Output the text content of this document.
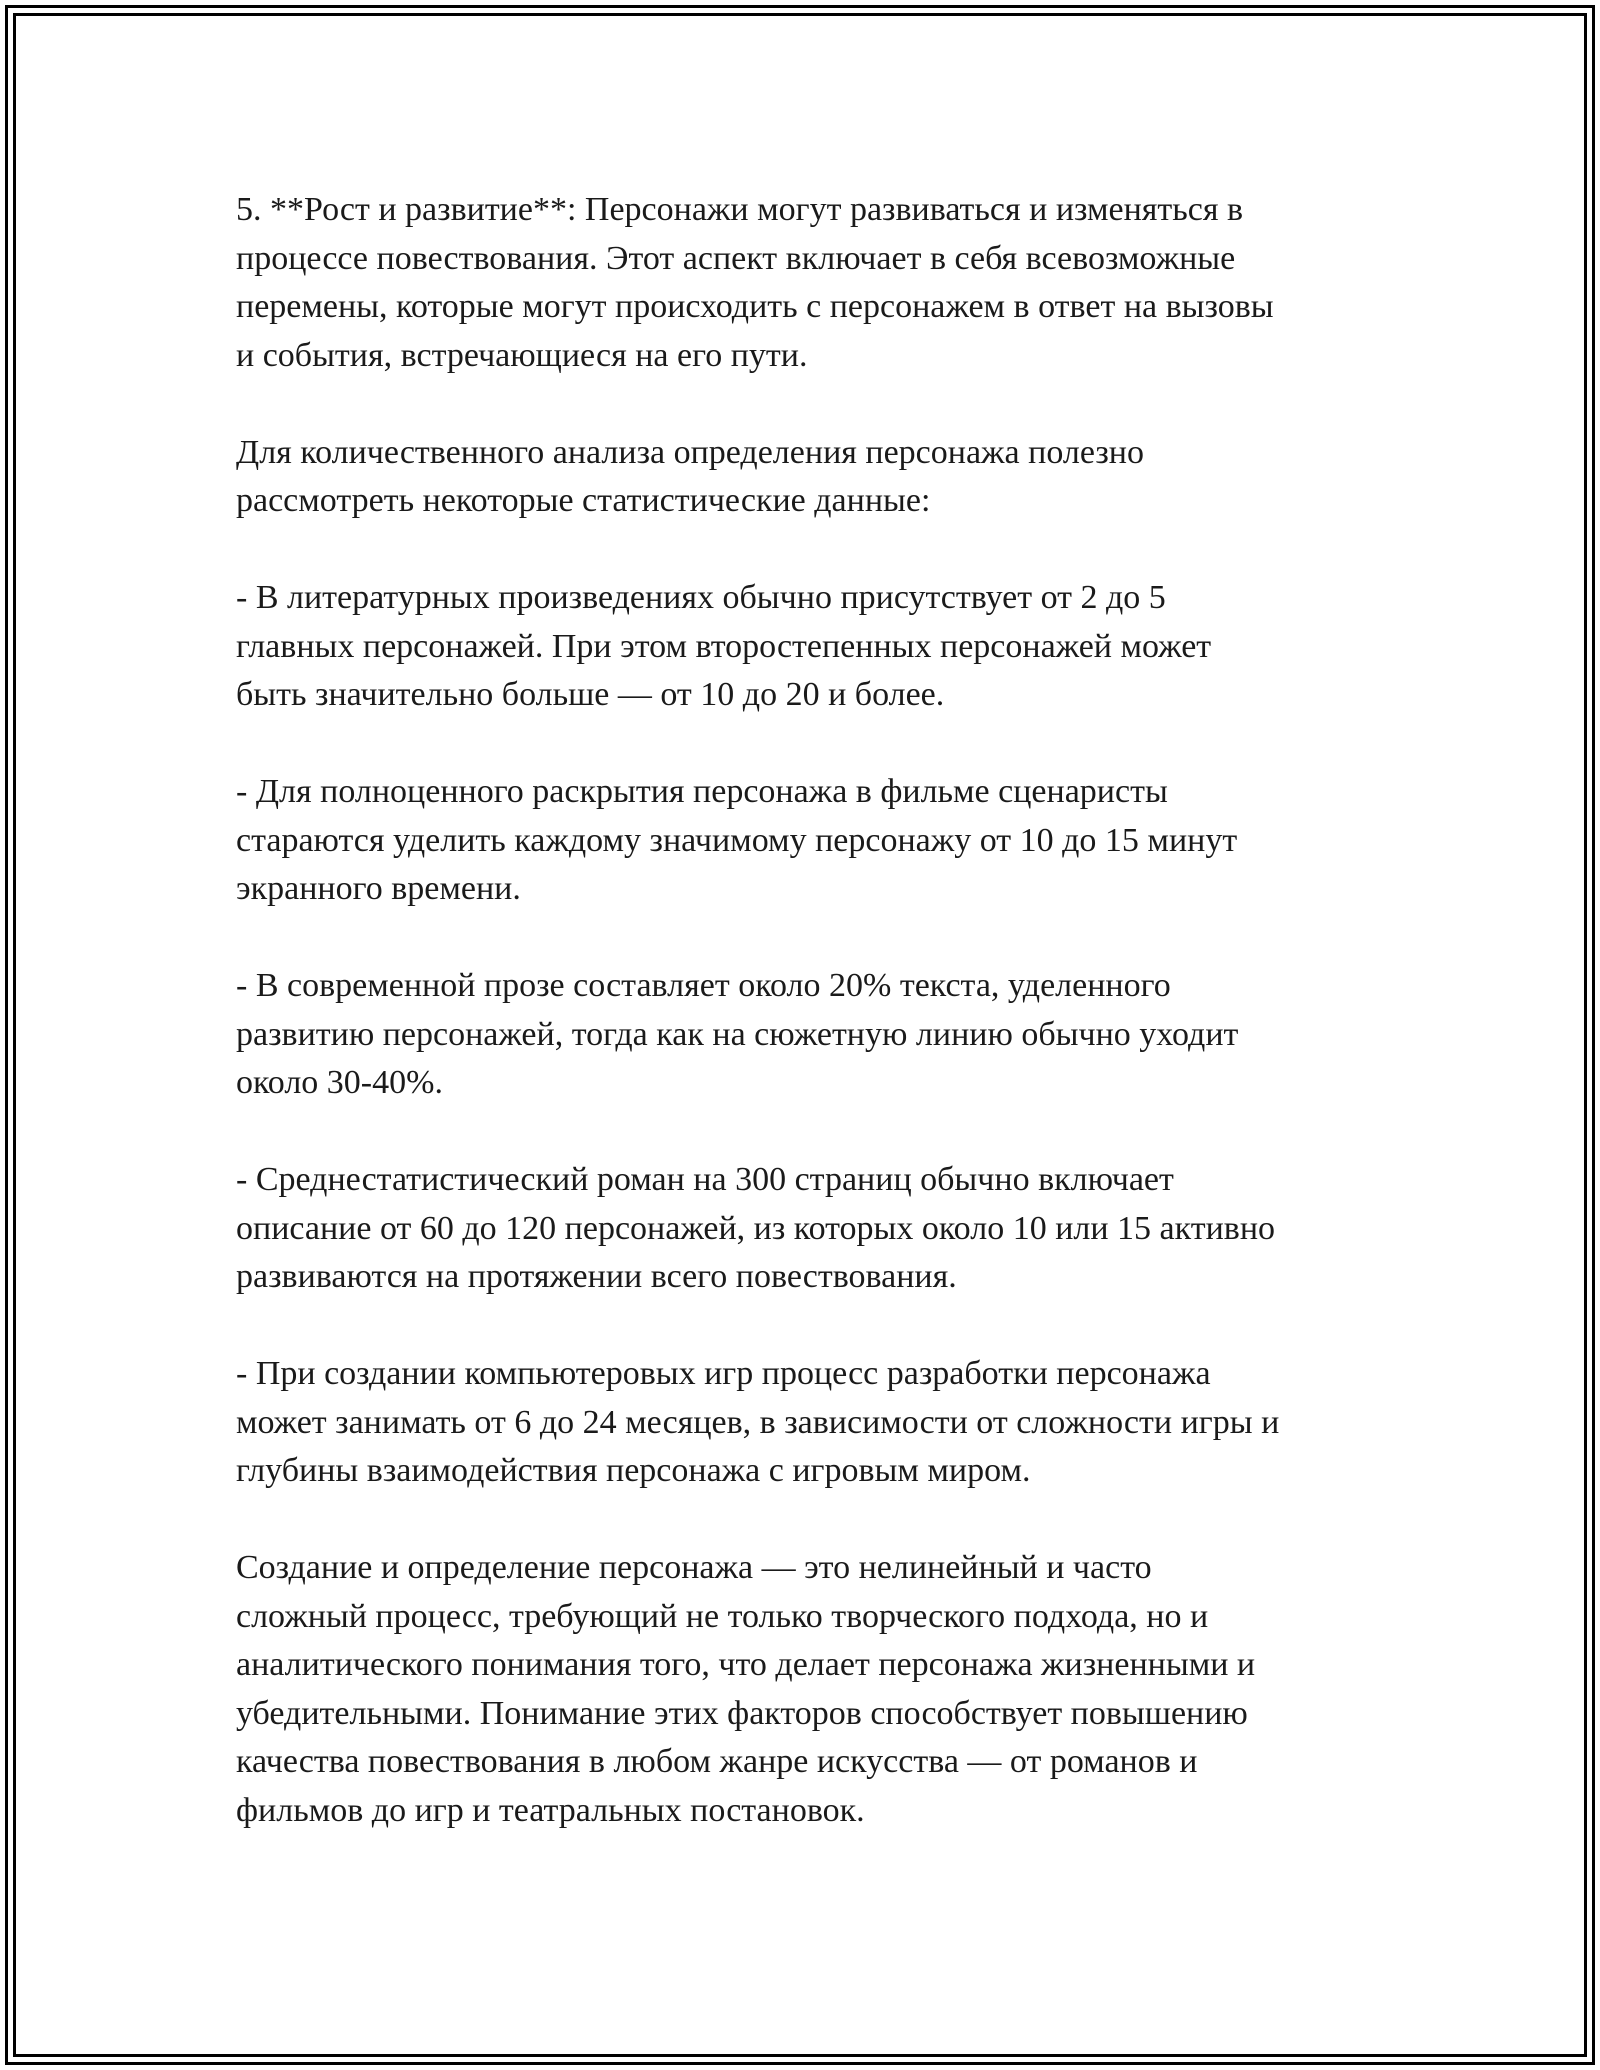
5. **Рост и развитие**: Персонажи могут развиваться и изменяться в
процессе повествования. Этот аспект включает в себя всевозможные
перемены, которые могут происходить с персонажем в ответ на вызовы
и события, встречающиеся на его пути.

Для количественного анализа определения персонажа полезно
рассмотреть некоторые статистические данные:

- В литературных произведениях обычно присутствует от 2 до 5
главных персонажей. При этом второстепенных персонажей может
быть значительно больше — от 10 до 20 и более.

- Для полноценного раскрытия персонажа в фильме сценаристы
стараются уделить каждому значимому персонажу от 10 до 15 минут
экранного времени.

- В современной прозе составляет около 20% текста, уделенного
развитию персонажей, тогда как на сюжетную линию обычно уходит
около 30-40%.

- Среднестатистический роман на 300 страниц обычно включает
описание от 60 до 120 персонажей, из которых около 10 или 15 активно
развиваются на протяжении всего повествования.

- При создании компьютеровых игр процесс разработки персонажа
может занимать от 6 до 24 месяцев, в зависимости от сложности игры и
глубины взаимодействия персонажа с игровым миром.

Создание и определение персонажа — это нелинейный и часто
сложный процесс, требующий не только творческого подхода, но и
аналитического понимания того, что делает персонажа жизненными и
убедительными. Понимание этих факторов способствует повышению
качества повествования в любом жанре искусства — от романов и
фильмов до игр и театральных постановок.
